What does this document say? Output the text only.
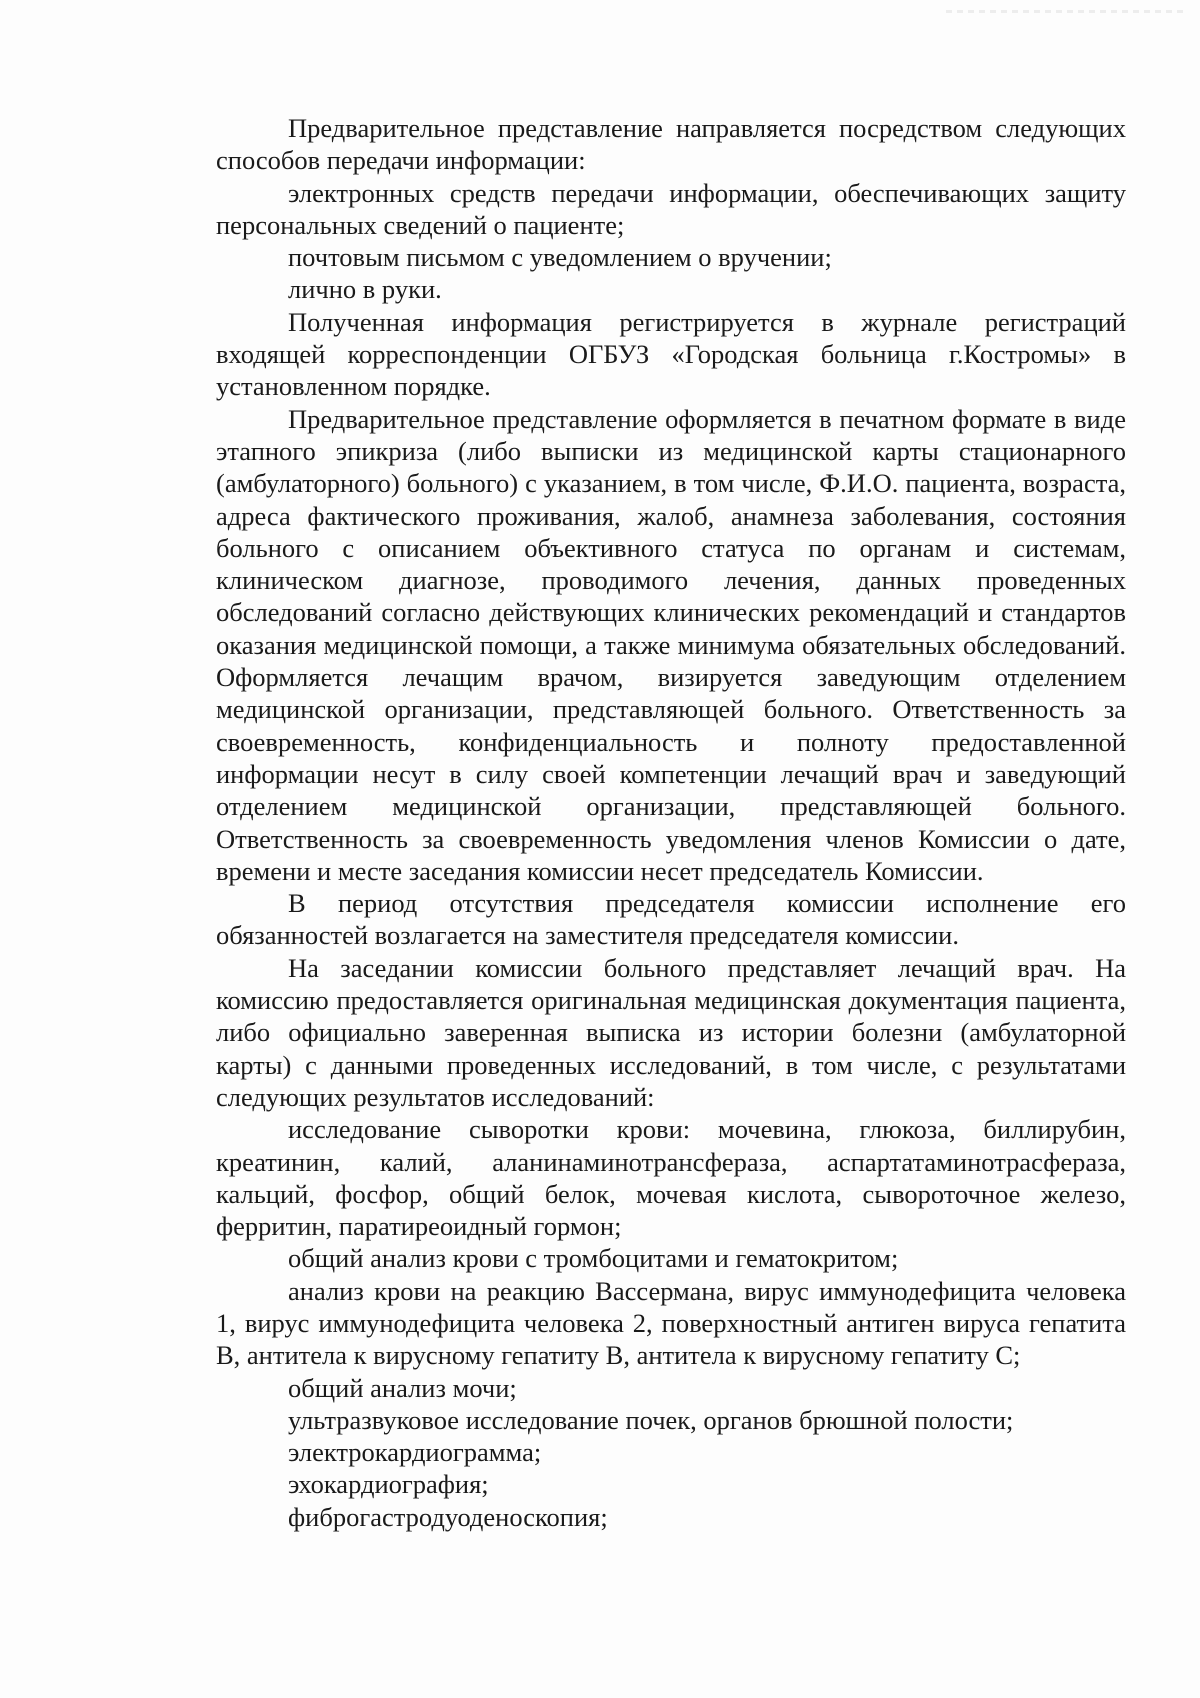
Предварительное представление направляется посредством следующих способов передачи информации:

электронных средств передачи информации, обеспечивающих защиту персональных сведений о пациенте;

почтовым письмом с уведомлением о вручении;

лично в руки.

Полученная информация регистрируется в журнале регистраций входящей корреспонденции ОГБУЗ «Городская больница г.Костромы» в установленном порядке.

Предварительное представление оформляется в печатном формате в виде этапного эпикриза (либо выписки из медицинской карты стационарного (амбулаторного) больного) с указанием, в том числе, Ф.И.О. пациента, возраста, адреса фактического проживания, жалоб, анамнеза заболевания, состояния больного с описанием объективного статуса по органам и системам, клиническом диагнозе, проводимого лечения, данных проведенных обследований согласно действующих клинических рекомендаций и стандартов оказания медицинской помощи, а также минимума обязательных обследований. Оформляется лечащим врачом, визируется заведующим отделением медицинской организации, представляющей больного. Ответственность за своевременность, конфиденциальность и полноту предоставленной информации несут в силу своей компетенции лечащий врач и заведующий отделением медицинской организации, представляющей больного. Ответственность за своевременность уведомления членов Комиссии о дате, времени и месте заседания комиссии несет председатель Комиссии.

В период отсутствия председателя комиссии исполнение его обязанностей возлагается на заместителя председателя комиссии.

На заседании комиссии больного представляет лечащий врач. На комиссию предоставляется оригинальная медицинская документация пациента, либо официально заверенная выписка из истории болезни (амбулаторной карты) с данными проведенных исследований, в том числе, с результатами следующих результатов исследований:

исследование сыворотки крови: мочевина, глюкоза, биллирубин, креатинин, калий, аланинаминотрансфераза, аспартатаминотрасфераза, кальций, фосфор, общий белок, мочевая кислота, сывороточное железо, ферритин, паратиреоидный гормон;

общий анализ крови с тромбоцитами и гематокритом;

анализ крови на реакцию Вассермана, вирус иммунодефицита человека 1, вирус иммунодефицита человека 2, поверхностный антиген вируса гепатита В, антитела к вирусному гепатиту В, антитела к вирусному гепатиту С;

общий анализ мочи;

ультразвуковое исследование почек, органов брюшной полости;

электрокардиограмма;

эхокардиография;

фиброгастродуоденоскопия;
